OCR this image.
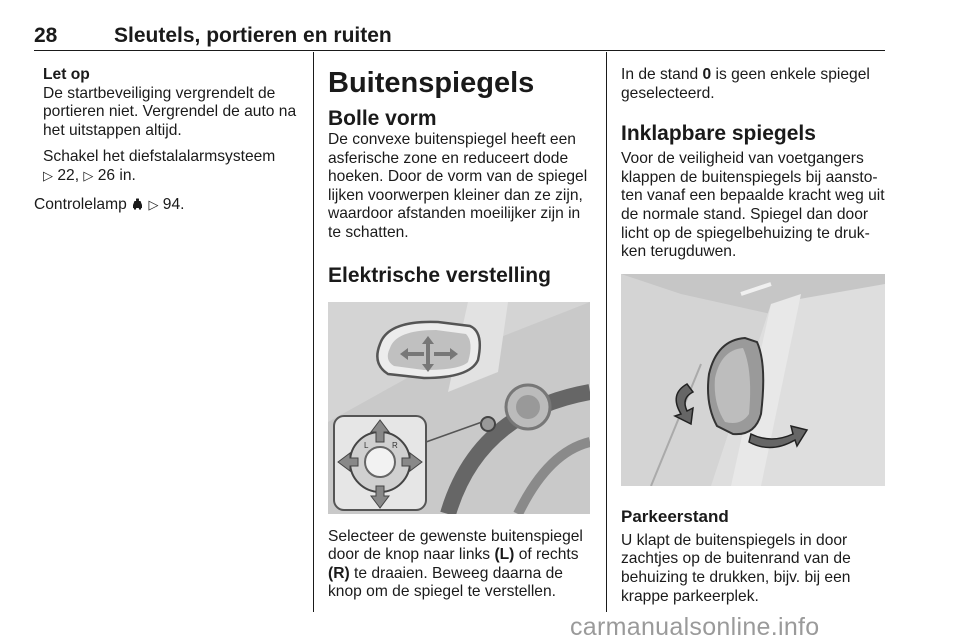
28	Sleutels, portieren en ruiten

Let op

De startbeveiliging vergrendelt de portieren niet. Vergrendel de auto na het uitstappen altijd.

Schakel het diefstalalarmsysteem
▷ 22, ▷ 26 in.

Controlelamp ▷ 94.

Buitenspiegels

Bolle vorm

De convexe buitenspiegel heeft een asferische zone en reduceert dode hoeken. Door de vorm van de spiegel lijken voorwerpen kleiner dan ze zijn, waardoor afstanden moeilijker zijn in te schatten.

Elektrische verstelling

L	R

Selecteer de gewenste buitenspiegel door de knop naar links (L) of rechts (R) te draaien. Beweeg daarna de knop om de spiegel te verstellen.

In de stand 0 is geen enkele spiegel geselecteerd.

Inklapbare spiegels

Voor de veiligheid van voetgangers klappen de buitenspiegels bij aanstoten vanaf een bepaalde kracht weg uit de normale stand. Spiegel dan door licht op de spiegelbehuizing te drukken terugduwen.

Parkeerstand

U klapt de buitenspiegels in door zachtjes op de buitenrand van de behuizing te drukken, bijv. bij een krappe parkeerplek.

carmanualsonline.info
